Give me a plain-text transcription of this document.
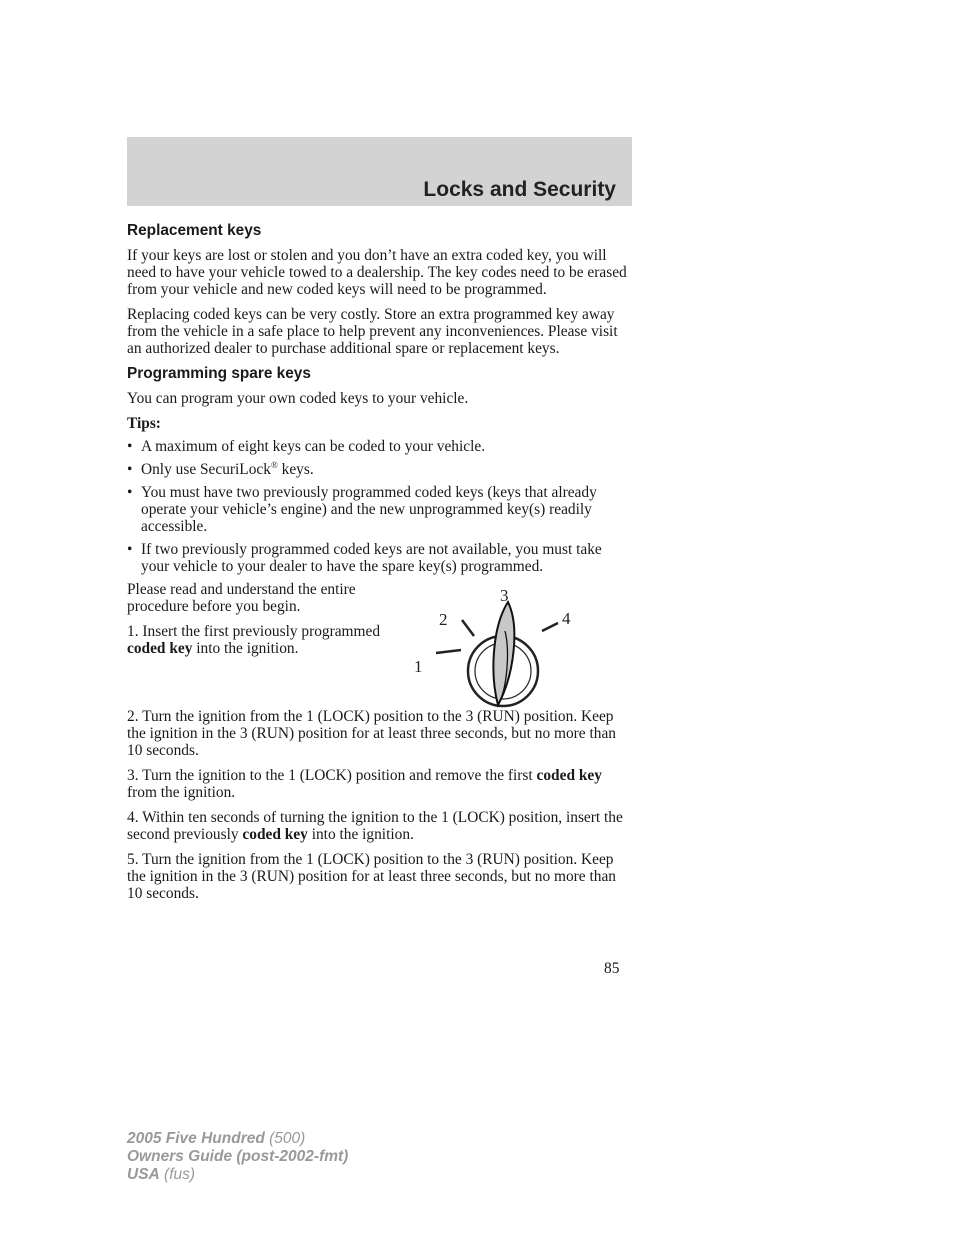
Locks and Security
Replacement keys

If your keys are lost or stolen and you don’t have an extra coded key, you will need to have your vehicle towed to a dealership. The key codes need to be erased from your vehicle and new coded keys will need to be programmed.

Replacing coded keys can be very costly. Store an extra programmed key away from the vehicle in a safe place to help prevent any inconveniences. Please visit an authorized dealer to purchase additional spare or replacement keys.

Programming spare keys

You can program your own coded keys to your vehicle.

Tips:
• A maximum of eight keys can be coded to your vehicle.
• Only use SecuriLock® keys.
• You must have two previously programmed coded keys (keys that already operate your vehicle’s engine) and the new unprogrammed key(s) readily accessible.
• If two previously programmed coded keys are not available, you must take your vehicle to your dealer to have the spare key(s) programmed.

Please read and understand the entire procedure before you begin.

1. Insert the first previously programmed coded key into the ignition.

1
2
3
4

2. Turn the ignition from the 1 (LOCK) position to the 3 (RUN) position. Keep the ignition in the 3 (RUN) position for at least three seconds, but no more than 10 seconds.

3. Turn the ignition to the 1 (LOCK) position and remove the first coded key from the ignition.

4. Within ten seconds of turning the ignition to the 1 (LOCK) position, insert the second previously coded key into the ignition.

5. Turn the ignition from the 1 (LOCK) position to the 3 (RUN) position. Keep the ignition in the 3 (RUN) position for at least three seconds, but no more than 10 seconds.

85
2005 Five Hundred (500)
Owners Guide (post-2002-fmt)
USA (fus)
